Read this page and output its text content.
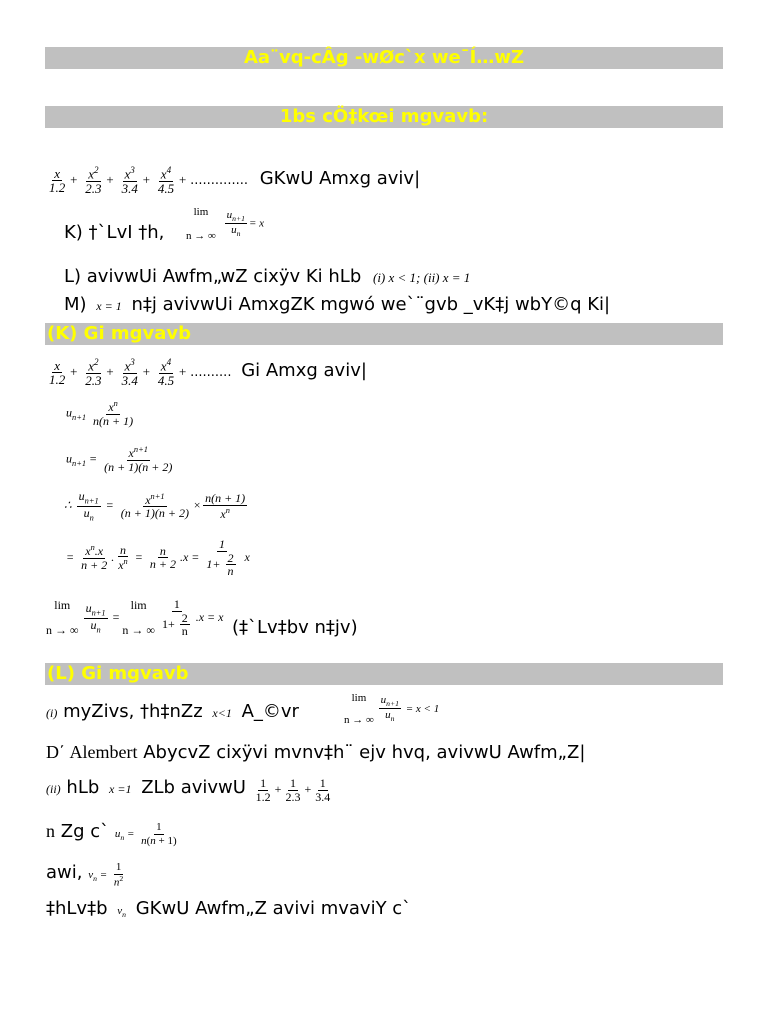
Aa¨vq-cÂg -wØc`x we¯Í…wZ
1bs cÖ‡kœi mgvavb:
$\frac{x}{1.2} + \frac{x^2}{2.3} + \frac{x^3}{3.4} + \frac{x^4}{4.5}$ + .............. GKwU Amxg aviv|
K) †`LvI †h,
lim
n → ∞
$\frac{u_{n+1}}{u_n} = x$
L) avivwUi Awfm„wZ cixÿv Ki hLb (i) x < 1; (ii) x = 1
M) x = 1 n‡j avivwUi AmxgZK mgwó we`¨gvb _vK‡j wbY©q Ki|
(K) Gi mgvavb
$\frac{x}{1.2} + \frac{x^2}{2.3} + \frac{x^3}{3.4} + \frac{x^4}{4.5}$ + .......... Gi Amxg aviv|
$u_{n+1} \frac{x^n}{n(n + 1)}$
$u_{n+1} = \frac{x^{n+1}}{(n + 1)(n + 2)}$
∴ $\frac{u_{n+1}}{u_n} = \frac{x^{n+1}}{(n + 1)(n + 2)} \times \frac{n(n + 1)}{x^n}$
= $\frac{x^n.x}{n + 2}$ . $\frac{n}{x^n} = \frac{n}{n + 2} .x = \frac{1}{1+ \frac{2}{n}}$ x
lim
n → ∞
$\frac{u_{n+1}}{u_n}$ =
lim
n → ∞
$\frac{1}{1+ \frac{2}{n}} .x = x$
(‡`Lv‡bv n‡jv)
(L) Gi mgvavb
(i) myZivs, †h‡nZz x<1 A_©vr
lim
n → ∞
$\frac{u_{n+1}}{u_n} = x < 1$
D΄ Alembert AbycvZ cixÿvi mvnv‡h¨ ejv hvq, avivwU Awfm„Z|
(ii) hLb x =1 ZLb avivwU $\frac{1}{1.2} + \frac{1}{2.3} + \frac{1}{3.4}$
n Zg c` $u_n = \frac{1}{n(n + 1)}$
awi, $v_n = \frac{1}{n^2}$
‡hLv‡b $v_n$ GKwU Awfm„Z avivi mvaviY c`
